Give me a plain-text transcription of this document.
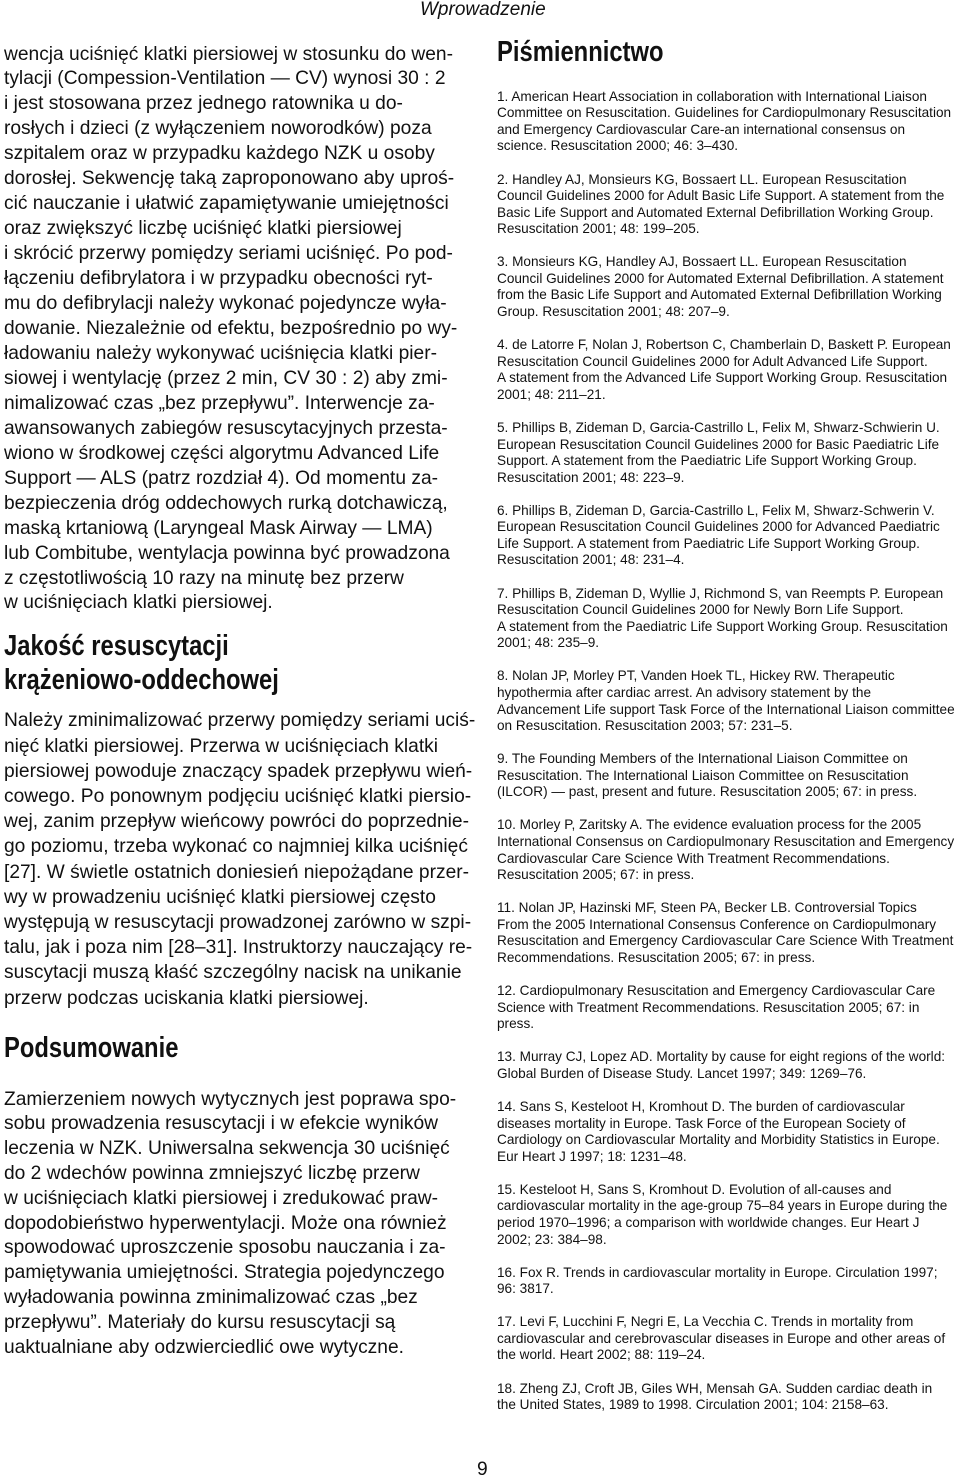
Wprowadzenie
wencja uciśnięć klatki piersiowej w stosunku do wen-
tylacji (Compession-Ventilation — CV) wynosi 30 : 2
i jest stosowana przez jednego ratownika u do-
rosłych i dzieci (z wyłączeniem noworodków) poza
szpitalem oraz w przypadku każdego NZK u osoby
dorosłej. Sekwencję taką zaproponowano aby uproś-
cić nauczanie i ułatwić zapamiętywanie umiejętności
oraz zwiększyć liczbę uciśnięć klatki piersiowej
i skrócić przerwy pomiędzy seriami uciśnięć. Po pod-
łączeniu defibrylatora i w przypadku obecności ryt-
mu do defibrylacji należy wykonać pojedyncze wyła-
dowanie. Niezależnie od efektu, bezpośrednio po wy-
ładowaniu należy wykonywać uciśnięcia klatki pier-
siowej i wentylację (przez 2 min, CV 30 : 2) aby zmi-
nimalizować czas „bez przepływu”. Interwencje za-
awansowanych zabiegów resuscytacyjnych przesta-
wiono w środkowej części algorytmu Advanced Life
Support — ALS (patrz rozdział 4). Od momentu za-
bezpieczenia dróg oddechowych rurką dotchawiczą,
maską krtaniową (Laryngeal Mask Airway — LMA)
lub Combitube, wentylacja powinna być prowadzona
z częstotliwością 10 razy na minutę bez przerw
w uciśnięciach klatki piersiowej.
Jakość resuscytacji
krążeniowo-oddechowej
Należy zminimalizować przerwy pomiędzy seriami uciś-
nięć klatki piersiowej. Przerwa w uciśnięciach klatki
piersiowej powoduje znaczący spadek przepływu wień-
cowego. Po ponownym podjęciu uciśnięć klatki piersio-
wej, zanim przepływ wieńcowy powróci do poprzednie-
go poziomu, trzeba wykonać co najmniej kilka uciśnięć
[27]. W świetle ostatnich doniesień niepożądane przer-
wy w prowadzeniu uciśnięć klatki piersiowej często
występują w resuscytacji prowadzonej zarówno w szpi-
talu, jak i poza nim [28–31]. Instruktorzy nauczający re-
suscytacji muszą kłaść szczególny nacisk na unikanie
przerw podczas uciskania klatki piersiowej.
Podsumowanie
Zamierzeniem nowych wytycznych jest poprawa spo-
sobu prowadzenia resuscytacji i w efekcie wyników
leczenia w NZK. Uniwersalna sekwencja 30 uciśnięć
do 2 wdechów powinna zmniejszyć liczbę przerw
w uciśnięciach klatki piersiowej i zredukować praw-
dopodobieństwo hyperwentylacji. Może ona również
spowodować uproszczenie sposobu nauczania i za-
pamiętywania umiejętności. Strategia pojedynczego
wyładowania powinna zminimalizować czas „bez
przepływu”. Materiały do kursu resuscytacji są
uaktualniane aby odzwierciedlić owe wytyczne.
Piśmiennictwo
1. American Heart Association in collaboration with International Liaison
Committee on Resuscitation. Guidelines for Cardiopulmonary Resuscitation
and Emergency Cardiovascular Care-an international consensus on
science. Resuscitation 2000; 46: 3–430.
2. Handley AJ, Monsieurs KG, Bossaert LL. European Resuscitation
Council Guidelines 2000 for Adult Basic Life Support. A statement from the
Basic Life Support and Automated External Defibrillation Working Group.
Resuscitation 2001; 48: 199–205.
3. Monsieurs KG, Handley AJ, Bossaert LL. European Resuscitation
Council Guidelines 2000 for Automated External Defibrillation. A statement
from the Basic Life Support and Automated External Defibrillation Working
Group. Resuscitation 2001; 48: 207–9.
4. de Latorre F, Nolan J, Robertson C, Chamberlain D, Baskett P. European
Resuscitation Council Guidelines 2000 for Adult Advanced Life Support.
A statement from the Advanced Life Support Working Group. Resuscitation
2001; 48: 211–21.
5. Phillips B, Zideman D, Garcia-Castrillo L, Felix M, Shwarz-Schwierin U.
European Resuscitation Council Guidelines 2000 for Basic Paediatric Life
Support. A statement from the Paediatric Life Support Working Group.
Resuscitation 2001; 48: 223–9.
6. Phillips B, Zideman D, Garcia-Castrillo L, Felix M, Shwarz-Schwerin V.
European Resuscitation Council Guidelines 2000 for Advanced Paediatric
Life Support. A statement from Paediatric Life Support Working Group.
Resuscitation 2001; 48: 231–4.
7. Phillips B, Zideman D, Wyllie J, Richmond S, van Reempts P. European
Resuscitation Council Guidelines 2000 for Newly Born Life Support.
A statement from the Paediatric Life Support Working Group. Resuscitation
2001; 48: 235–9.
8. Nolan JP, Morley PT, Vanden Hoek TL, Hickey RW. Therapeutic
hypothermia after cardiac arrest. An advisory statement by the
Advancement Life support Task Force of the International Liaison committee
on Resuscitation. Resuscitation 2003; 57: 231–5.
9. The Founding Members of the International Liaison Committee on
Resuscitation. The International Liaison Committee on Resuscitation
(ILCOR) — past, present and future. Resuscitation 2005; 67: in press.
10. Morley P, Zaritsky A. The evidence evaluation process for the 2005
International Consensus on Cardiopulmonary Resuscitation and Emergency
Cardiovascular Care Science With Treatment Recommendations.
Resuscitation 2005; 67: in press.
11. Nolan JP, Hazinski MF, Steen PA, Becker LB. Controversial Topics
From the 2005 International Consensus Conference on Cardiopulmonary
Resuscitation and Emergency Cardiovascular Care Science With Treatment
Recommendations. Resuscitation 2005; 67: in press.
12. Cardiopulmonary Resuscitation and Emergency Cardiovascular Care
Science with Treatment Recommendations. Resuscitation 2005; 67: in
press.
13. Murray CJ, Lopez AD. Mortality by cause for eight regions of the world:
Global Burden of Disease Study. Lancet 1997; 349: 1269–76.
14. Sans S, Kesteloot H, Kromhout D. The burden of cardiovascular
diseases mortality in Europe. Task Force of the European Society of
Cardiology on Cardiovascular Mortality and Morbidity Statistics in Europe.
Eur Heart J 1997; 18: 1231–48.
15. Kesteloot H, Sans S, Kromhout D. Evolution of all-causes and
cardiovascular mortality in the age-group 75–84 years in Europe during the
period 1970–1996; a comparison with worldwide changes. Eur Heart J
2002; 23: 384–98.
16. Fox R. Trends in cardiovascular mortality in Europe. Circulation 1997;
96: 3817.
17. Levi F, Lucchini F, Negri E, La Vecchia C. Trends in mortality from
cardiovascular and cerebrovascular diseases in Europe and other areas of
the world. Heart 2002; 88: 119–24.
18. Zheng ZJ, Croft JB, Giles WH, Mensah GA. Sudden cardiac death in
the United States, 1989 to 1998. Circulation 2001; 104: 2158–63.
9
